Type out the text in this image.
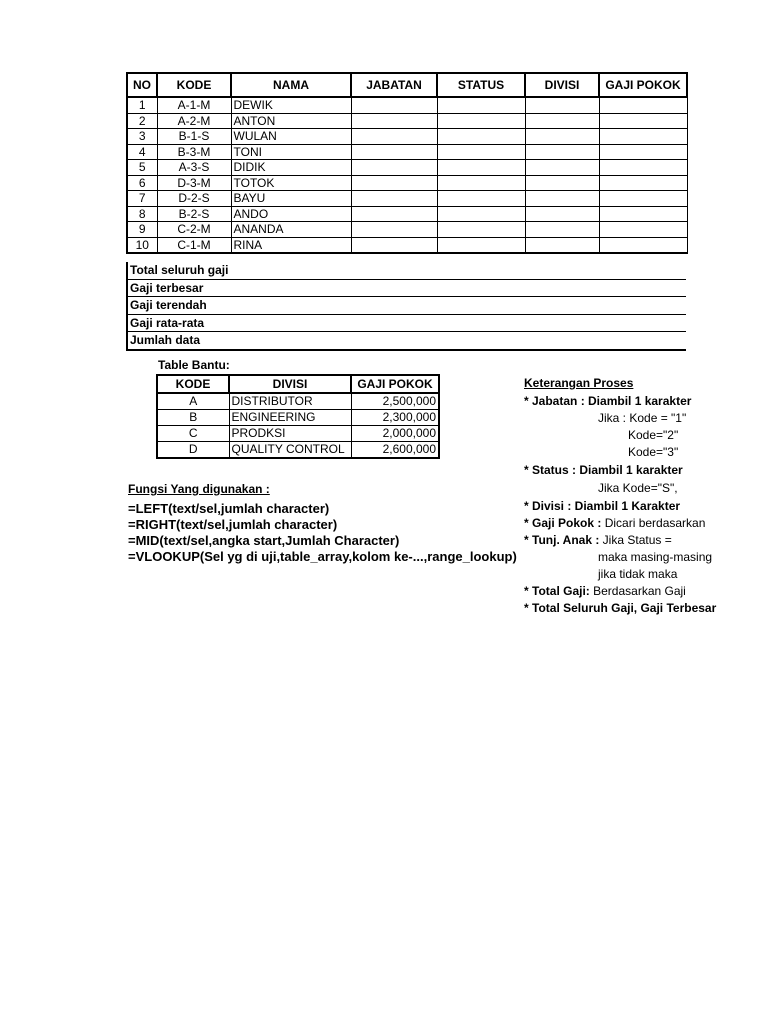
NO	KODE	NAMA	JABATAN	STATUS	DIVISI	GAJI POKOK
1	A-1-M	DEWIK				
2	A-2-M	ANTON				
3	B-1-S	WULAN				
4	B-3-M	TONI				
5	A-3-S	DIDIK				
6	D-3-M	TOTOK				
7	D-2-S	BAYU				
8	B-2-S	ANDO				
9	C-2-M	ANANDA				
10	C-1-M	RINA				
Total seluruh gaji
Gaji terbesar
Gaji terendah
Gaji rata-rata
Jumlah data
Table Bantu:
KODE	DIVISI	GAJI POKOK
A	DISTRIBUTOR	2,500,000
B	ENGINEERING	2,300,000
C	PRODKSI	2,000,000
D	QUALITY CONTROL	2,600,000
Fungsi Yang digunakan :
=LEFT(text/sel,jumlah character)
=RIGHT(text/sel,jumlah character)
=MID(text/sel,angka start,Jumlah Character)
=VLOOKUP(Sel yg di uji,table_array,kolom ke-...,range_lookup)
Keterangan Proses
* Jabatan : Diambil 1 karakter
Jika : Kode = "1"
Kode="2"
Kode="3"
* Status : Diambil 1 karakter
Jika Kode="S",
* Divisi : Diambil 1 Karakter
* Gaji Pokok : Dicari berdasarkan
* Tunj. Anak : Jika Status =
maka masing-masing
jika tidak maka
* Total Gaji: Berdasarkan Gaji
* Total Seluruh Gaji, Gaji Terbesar
